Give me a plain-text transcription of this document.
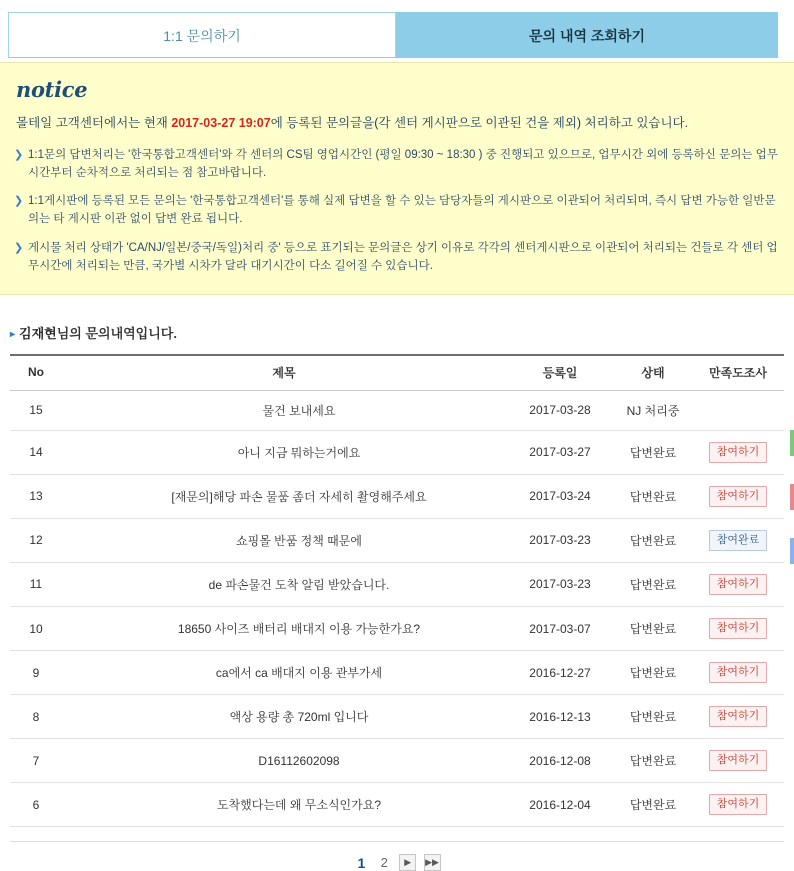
1:1 문의하기	문의 내역 조회하기
notice

몰테일 고객센터에서는 현재 2017-03-27 19:07에 등록된 문의글을(각 센터 게시판으로 이관된 건을 제외) 처리하고 있습니다.

❯ 1:1문의 답변처리는 '한국통합고객센터'와 각 센터의 CS팀 영업시간인 (평일 09:30 ~ 18:30 ) 중 진행되고 있으므로, 업무시간 외에 등록하신 문의는 업무시간부터 순차적으로 처리되는 점 참고바랍니다.
❯ 1:1게시판에 등록된 모든 문의는 '한국통합고객센터'를 통해 실제 답변을 할 수 있는 담당자들의 게시판으로 이관되어 처리되며, 즉시 답변 가능한 일반문의는 타 게시판 이관 없이 답변 완료 됩니다.
❯ 게시물 처리 상태가 'CA/NJ/일본/중국/독일)처리 중' 등으로 표기되는 문의글은 상기 이유로 각각의 센터게시판으로 이관되어 처리되는 건들로 각 센터 업무시간에 처리되는 만큼, 국가별 시차가 달라 대기시간이 다소 길어질 수 있습니다.
▸ 김재현님의 문의내역입니다.
No	제목	등록일	상태	만족도조사
15	물건 보내세요	2017-03-28	NJ 처리중	
14	아니 지금 뭐하는거에요	2017-03-27	답변완료	참여하기
13	[재문의]해당 파손 물품 좀더 자세히 촬영해주세요	2017-03-24	답변완료	참여하기
12	쇼핑몰 반품 정책 때문에	2017-03-23	답변완료	참여완료
11	de 파손물건 도착 알림 받았습니다.	2017-03-23	답변완료	참여하기
10	18650 사이즈 배터리 배대지 이용 가능한가요?	2017-03-07	답변완료	참여하기
9	ca에서 ca 배대지 이용 관부가세	2016-12-27	답변완료	참여하기
8	액상 용량 총 720ml 입니다	2016-12-13	답변완료	참여하기
7	D16112602098	2016-12-08	답변완료	참여하기
6	도착했다는데 왜 무소식인가요?	2016-12-04	답변완료	참여하기
1 2 ▶ ▶▶
